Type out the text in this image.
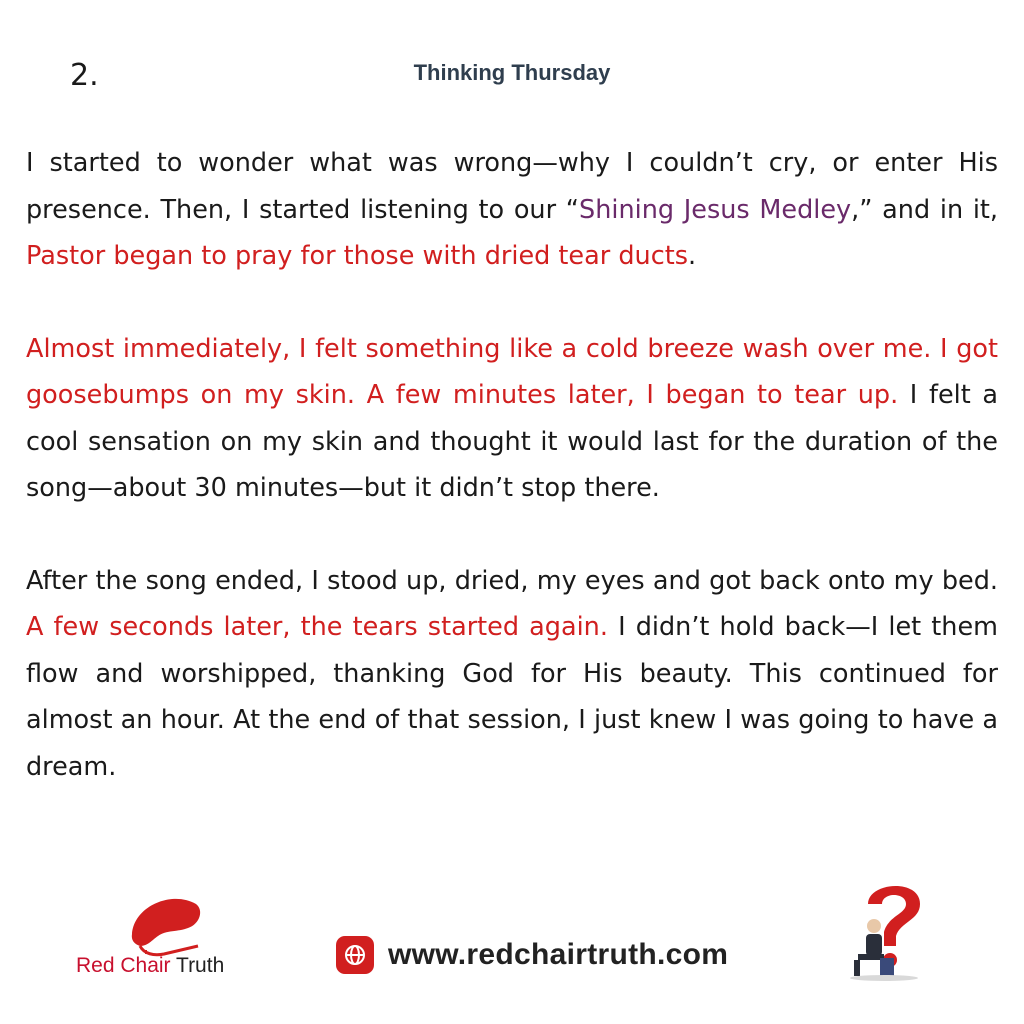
2.	Thinking Thursday

I started to wonder what was wrong—why I couldn’t cry, or enter His presence. Then, I started listening to our “Shining Jesus Medley,” and in it, Pastor began to pray for those with dried tear ducts.

Almost immediately, I felt something like a cold breeze wash over me. I got goosebumps on my skin. A few minutes later, I began to tear up. I felt a cool sensation on my skin and thought it would last for the duration of the song—about 30 minutes—but it didn’t stop there.

After the song ended, I stood up, dried, my eyes and got back onto my bed. A few seconds later, the tears started again. I didn’t hold back—I let them flow and worshipped, thanking God for His beauty. This continued for almost an hour. At the end of that session, I just knew I was going to have a dream.

Red Chair Truth	www.redchairtruth.com
